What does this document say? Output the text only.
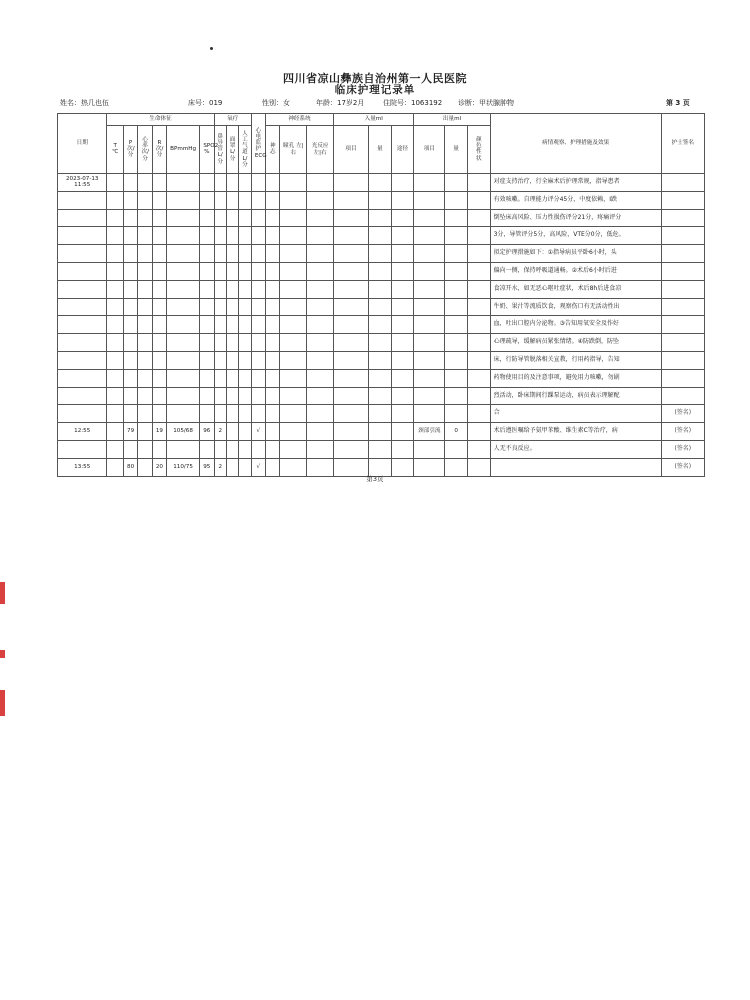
四川省凉山彝族自治州第一人民医院
临床护理记录单
姓名：热几也伍	床号：019	性别：女	年龄：17岁2月	住院号：1063192 诊断：甲状腺肿物	第 3 页
日期	生命体征						氧疗			心电监护ECG	神经系统			入量ml			出量ml			病情观察、护理措施及效果	护士签名
	T ℃	P 次/分	心率次/分	R 次/分	BPmmHg	SPO2 %	鼻导管L/分	面罩L/分	人工气道L/分		神志	瞳孔 左|右	光反应 左|右	项目	量	途径	项目	量	颜色性状		

2023-07-13
11:55																				对症支持治疗，行全麻术后护理常规，指导患者	
																				有效咳嗽。自理能力评分45分，中度依赖，Ⅰ跌	
																				倒坠床高风险、压力性损伤评分21分，疼痛评分	
																				3分，导管评分5分，高风险，VTE分0分，低危。	
																				拟定护理措施如下：①指导病员平卧6小时，头	
																				偏向一侧，保持呼吸道通畅。②术后6小时后进	
																				食凉开水，如无恶心呕吐症状，术后8h后进食凉	
																				牛奶、果汁等流质饮食，观察伤口有无活动性出	
																				血，吐出口腔内分泌物。③告知用氧安全及作好	
																				心理疏导，缓解病员紧张情绪。④防跌倒，防坠	
																				床，行防导管脱落相关宣教，行用药指导，告知	
																				药物使用目的及注意事项，避免用力咳嗽，勿剧	
																				烈活动，卧床期间行踝泵运动，病员表示理解配	
																				合	(签名)

12:55		79		19	105/68	96	2			√							颈部引流	0		术后遵医嘱给予氨甲苯酸、维生素C等治疗，病	(签名)
																				人无不良反应。	(签名)

13:55		80		20	110/75	95	2			√											(签名)
第3页
